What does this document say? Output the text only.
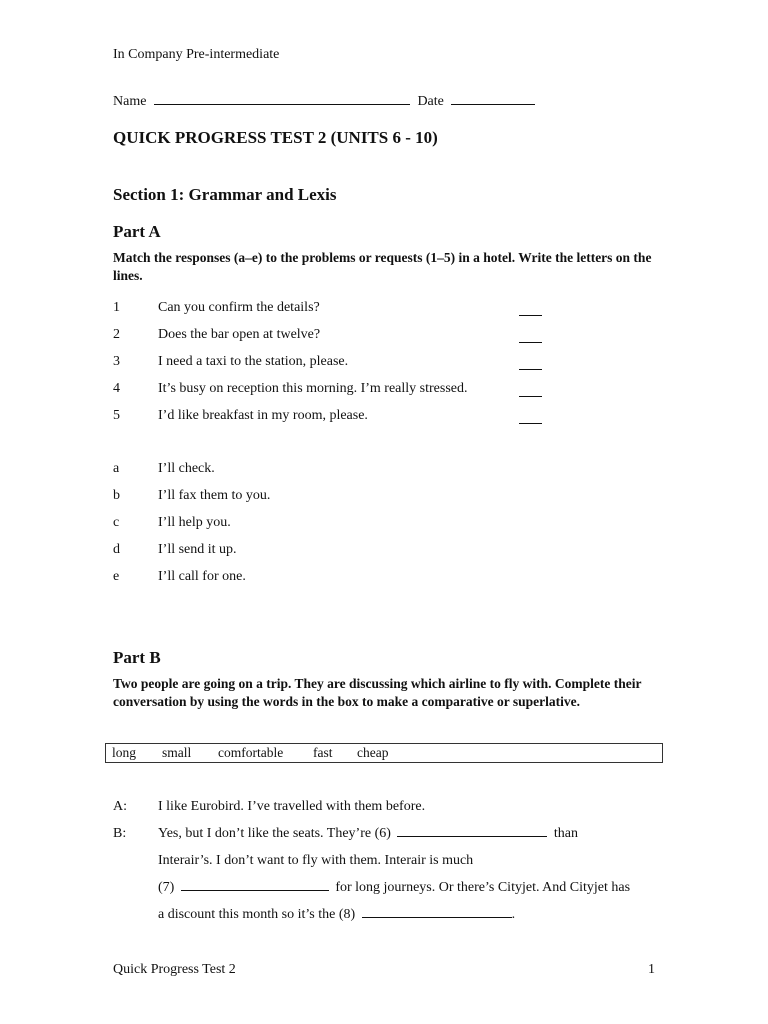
In Company Pre-intermediate
Name	Date
QUICK PROGRESS TEST 2 (UNITS 6 - 10)
Section 1: Grammar and Lexis
Part A
Match the responses (a–e) to the problems or requests (1–5) in a hotel. Write the letters on the lines.
1	Can you confirm the details?
2	Does the bar open at twelve?
3	I need a taxi to the station, please.
4	It’s busy on reception this morning. I’m really stressed.
5	I’d like breakfast in my room, please.
a	I’ll check.
b	I’ll fax them to you.
c	I’ll help you.
d	I’ll send it up.
e	I’ll call for one.
Part B
Two people are going on a trip. They are discussing which airline to fly with. Complete their conversation by using the words in the box to make a comparative or superlative.
long small comfortable fast cheap
A: I like Eurobird. I’ve travelled with them before.
B: Yes, but I don’t like the seats. They’re (6)	than
Interair’s. I don’t want to fly with them. Interair is much
(7)	for long journeys. Or there’s Cityjet. And Cityjet has
a discount this month so it’s the (8)	.
Quick Progress Test 2	1
